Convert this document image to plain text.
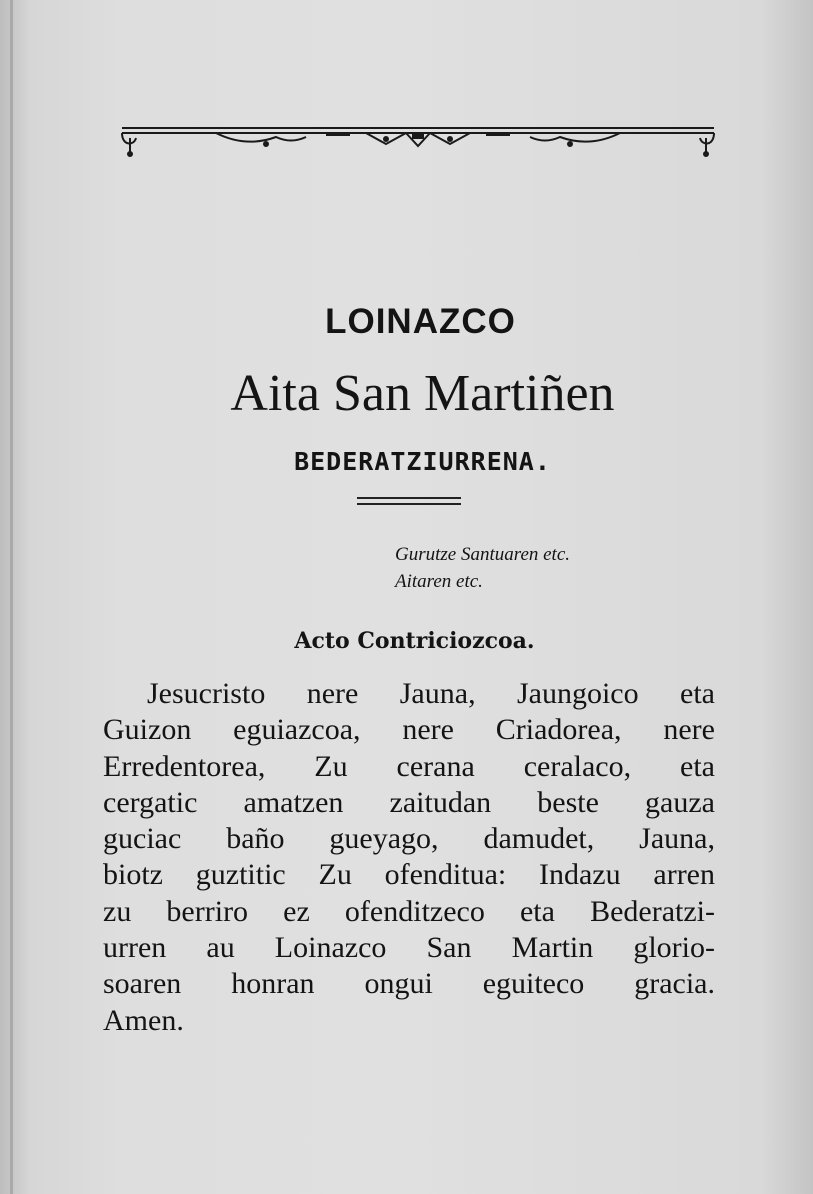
LOINAZCO
Aita San Martiñen
BEDERATZIURRENA.
Gurutze Santuaren etc.
Aitaren etc.
Acto Contriciozcoa.
Jesucristo nere Jauna, Jaungoico eta
Guizon eguiazcoa, nere Criadorea, nere
Erredentorea, Zu cerana ceralaco, eta
cergatic amatzen zaitudan beste gauza
guciac baño gueyago, damudet, Jauna,
biotz guztitic Zu ofenditua: Indazu arren
zu berriro ez ofenditzeco eta Bederatzi-
urren au Loinazco San Martin glorio-
soaren honran ongui eguiteco gracia.
Amen.
